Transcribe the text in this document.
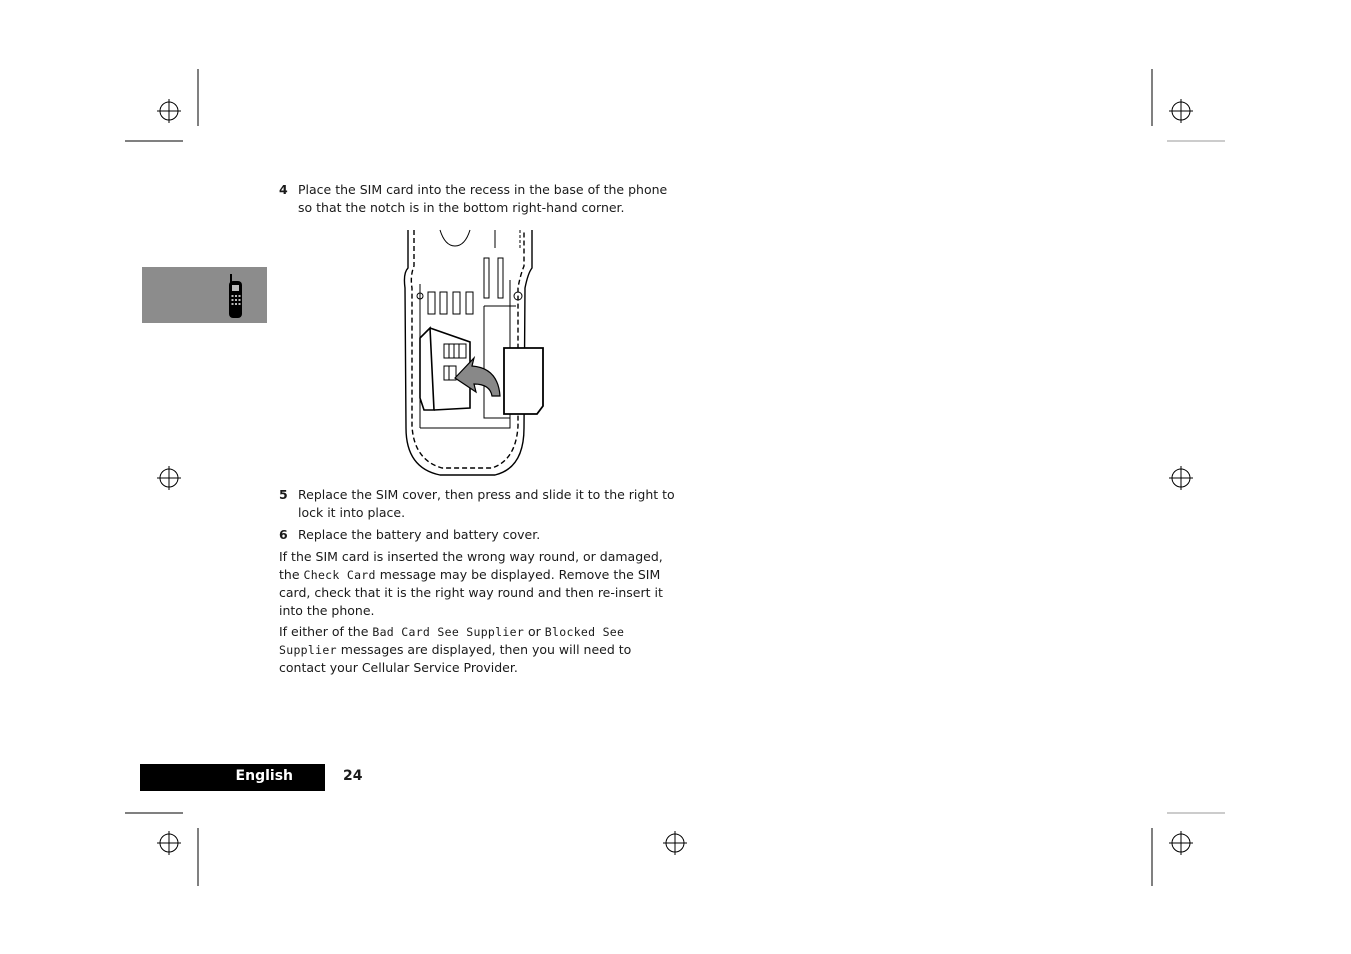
4 Place the SIM card into the recess in the base of the phone so that the notch is in the bottom right-hand corner.
5 Replace the SIM cover, then press and slide it to the right to lock it into place.
6 Replace the battery and battery cover.
If the SIM card is inserted the wrong way round, or damaged, the Check Card message may be displayed. Remove the SIM card, check that it is the right way round and then re-insert it into the phone.
If either of the Bad Card See Supplier or Blocked See Supplier messages are displayed, then you will need to contact your Cellular Service Provider.
English	24
